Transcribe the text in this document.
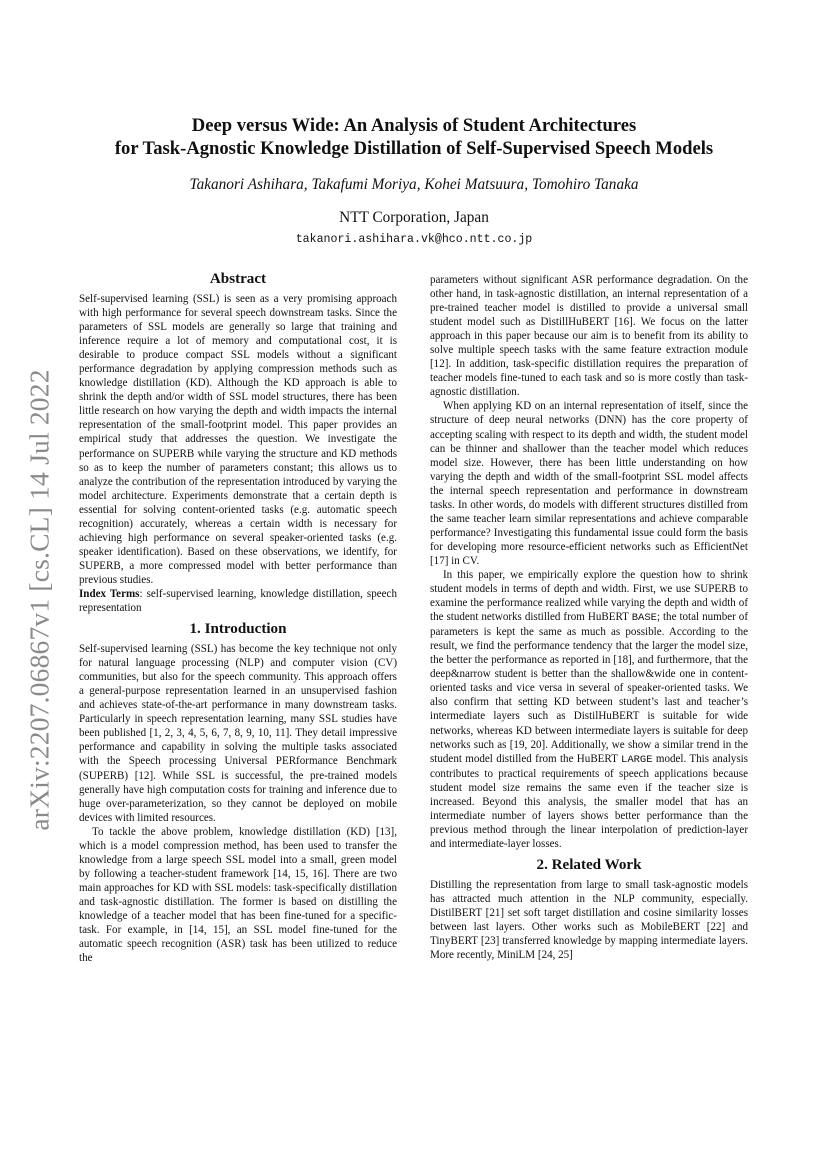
arXiv:2207.06867v1 [cs.CL] 14 Jul 2022
Deep versus Wide: An Analysis of Student Architectures
for Task-Agnostic Knowledge Distillation of Self-Supervised Speech Models
Takanori Ashihara, Takafumi Moriya, Kohei Matsuura, Tomohiro Tanaka
NTT Corporation, Japan
takanori.ashihara.vk@hco.ntt.co.jp
Abstract

Self-supervised learning (SSL) is seen as a very promising approach with high performance for several speech downstream tasks. Since the parameters of SSL models are generally so large that training and inference require a lot of memory and computational cost, it is desirable to produce compact SSL models without a significant performance degradation by applying compression methods such as knowledge distillation (KD). Although the KD approach is able to shrink the depth and/or width of SSL model structures, there has been little research on how varying the depth and width impacts the internal representation of the small-footprint model. This paper provides an empirical study that addresses the question. We investigate the performance on SUPERB while varying the structure and KD methods so as to keep the number of parameters constant; this allows us to analyze the contribution of the representation introduced by varying the model architecture. Experiments demonstrate that a certain depth is essential for solving content-oriented tasks (e.g. automatic speech recognition) accurately, whereas a certain width is necessary for achieving high performance on several speaker-oriented tasks (e.g. speaker identification). Based on these observations, we identify, for SUPERB, a more compressed model with better performance than previous studies.

Index Terms: self-supervised learning, knowledge distillation, speech representation

1. Introduction

Self-supervised learning (SSL) has become the key technique not only for natural language processing (NLP) and computer vision (CV) communities, but also for the speech community. This approach offers a general-purpose representation learned in an unsupervised fashion and achieves state-of-the-art performance in many downstream tasks. Particularly in speech representation learning, many SSL studies have been published [1, 2, 3, 4, 5, 6, 7, 8, 9, 10, 11]. They detail impressive performance and capability in solving the multiple tasks associated with the Speech processing Universal PERformance Benchmark (SUPERB) [12]. While SSL is successful, the pre-trained models generally have high computation costs for training and inference due to huge over-parameterization, so they cannot be deployed on mobile devices with limited resources.

To tackle the above problem, knowledge distillation (KD) [13], which is a model compression method, has been used to transfer the knowledge from a large speech SSL model into a small, green model by following a teacher-student framework [14, 15, 16]. There are two main approaches for KD with SSL models: task-specifically distillation and task-agnostic distillation. The former is based on distilling the knowledge of a teacher model that has been fine-tuned for a specific-task. For example, in [14, 15], an SSL model fine-tuned for the automatic speech recognition (ASR) task has been utilized to reduce the

parameters without significant ASR performance degradation. On the other hand, in task-agnostic distillation, an internal representation of a pre-trained teacher model is distilled to provide a universal small student model such as DistillHuBERT [16]. We focus on the latter approach in this paper because our aim is to benefit from its ability to solve multiple speech tasks with the same feature extraction module [12]. In addition, task-specific distillation requires the preparation of teacher models fine-tuned to each task and so is more costly than task-agnostic distillation.

When applying KD on an internal representation of itself, since the structure of deep neural networks (DNN) has the core property of accepting scaling with respect to its depth and width, the student model can be thinner and shallower than the teacher model which reduces model size. However, there has been little understanding on how varying the depth and width of the small-footprint SSL model affects the internal speech representation and performance in downstream tasks. In other words, do models with different structures distilled from the same teacher learn similar representations and achieve comparable performance? Investigating this fundamental issue could form the basis for developing more resource-efficient networks such as EfficientNet [17] in CV.

In this paper, we empirically explore the question how to shrink student models in terms of depth and width. First, we use SUPERB to examine the performance realized while varying the depth and width of the student networks distilled from HuBERT BASE; the total number of parameters is kept the same as much as possible. According to the result, we find the performance tendency that the larger the model size, the better the performance as reported in [18], and furthermore, that the deep&narrow student is better than the shallow&wide one in content-oriented tasks and vice versa in several of speaker-oriented tasks. We also confirm that setting KD between student’s last and teacher’s intermediate layers such as DistilHuBERT is suitable for wide networks, whereas KD between intermediate layers is suitable for deep networks such as [19, 20]. Additionally, we show a similar trend in the student model distilled from the HuBERT LARGE model. This analysis contributes to practical requirements of speech applications because student model size remains the same even if the teacher size is increased. Beyond this analysis, the smaller model that has an intermediate number of layers shows better performance than the previous method through the linear interpolation of prediction-layer and intermediate-layer losses.

2. Related Work

Distilling the representation from large to small task-agnostic models has attracted much attention in the NLP community, especially. DistilBERT [21] set soft target distillation and cosine similarity losses between last layers. Other works such as MobileBERT [22] and TinyBERT [23] transferred knowledge by mapping intermediate layers. More recently, MiniLM [24, 25]
